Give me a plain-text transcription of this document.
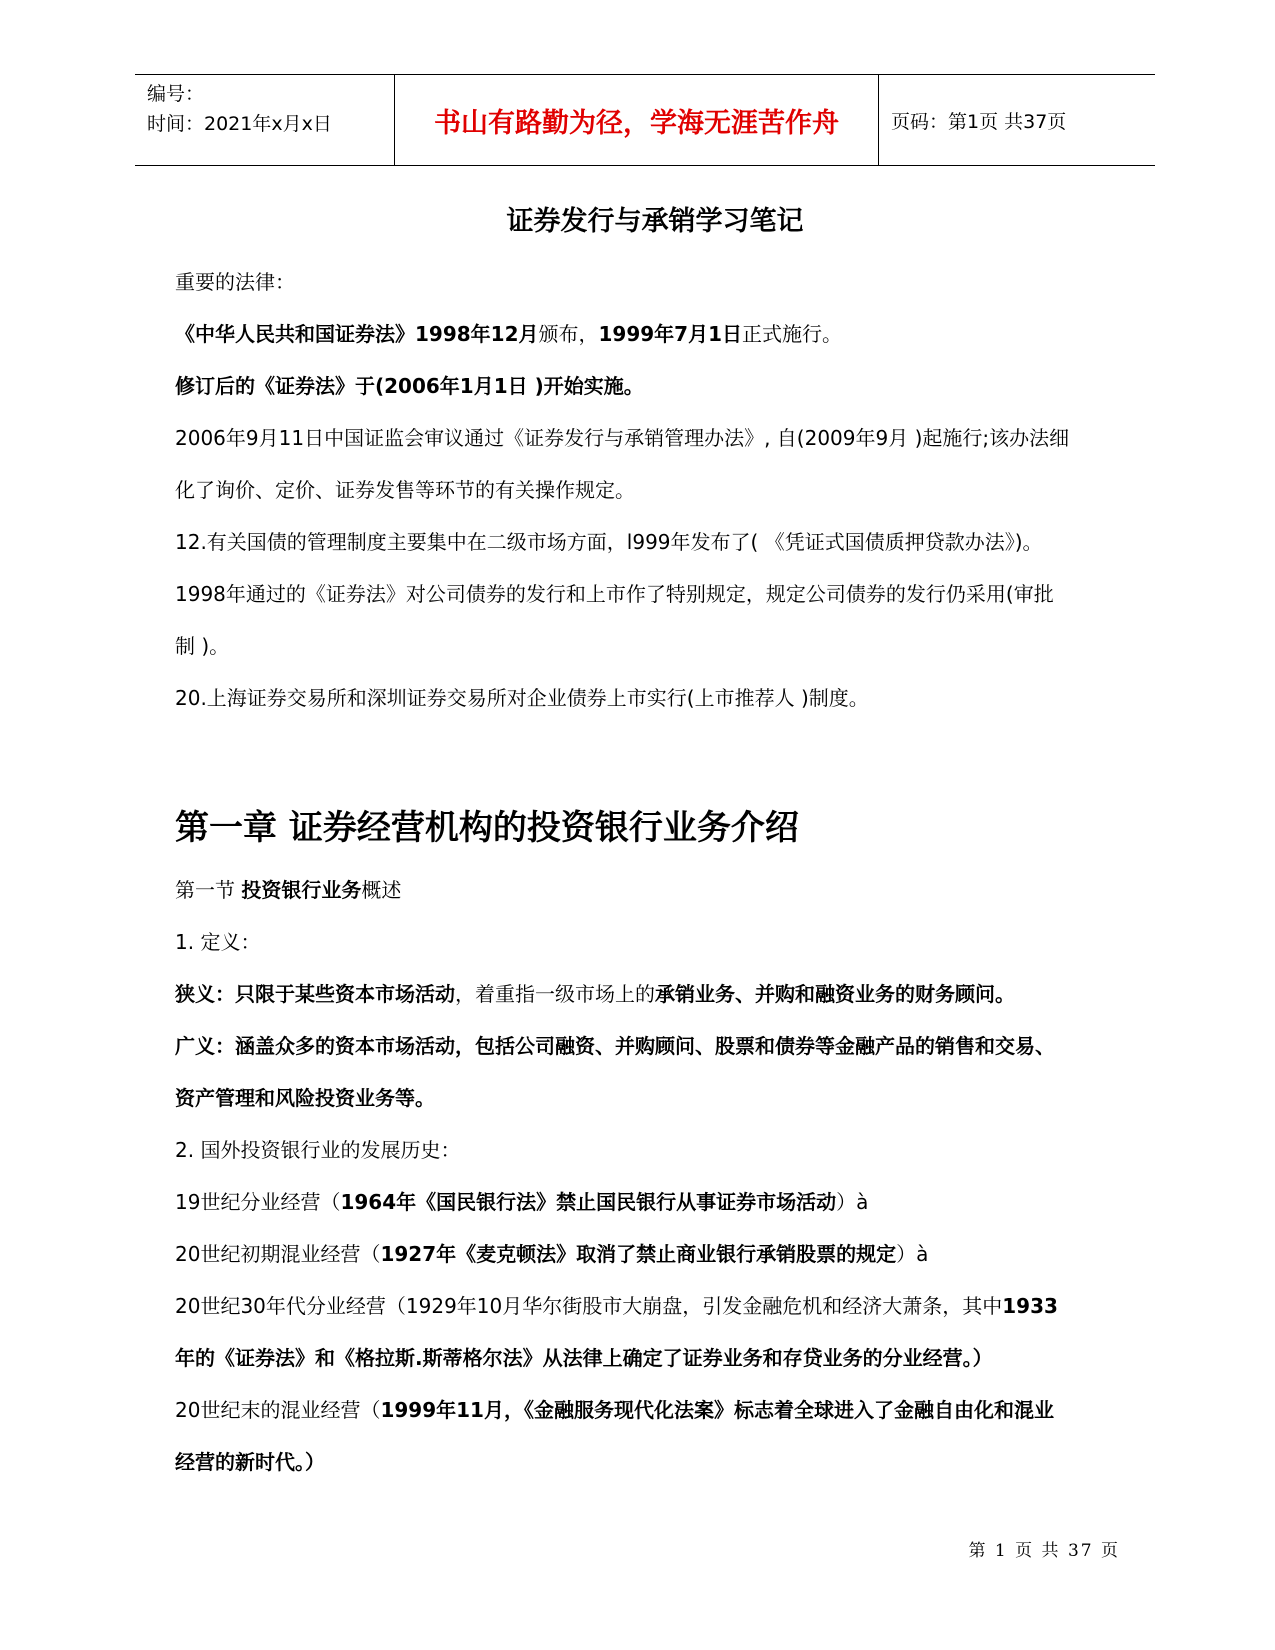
编号：
时间：2021年x月x日	书山有路勤为径，学海无涯苦作舟	页码：第1页 共37页
证券发行与承销学习笔记

重要的法律：

《中华人民共和国证券法》1998年12月颁布，1999年7月1日正式施行。

修订后的《证券法》于(2006年1月1日 )开始实施。

2006年9月11日中国证监会审议通过《证券发行与承销管理办法》, 自(2009年9月 )起施行;该办法细

化了询价、定价、证券发售等环节的有关操作规定。

12.有关国债的管理制度主要集中在二级市场方面，l999年发布了( 《凭证式国债质押贷款办法》)。

1998年通过的《证券法》对公司债券的发行和上市作了特别规定，规定公司债券的发行仍采用(审批

制 )。

20.上海证券交易所和深圳证券交易所对企业债券上市实行(上市推荐人 )制度。

第一章 证券经营机构的投资银行业务介绍

第一节 投资银行业务概述

1. 定义：

狭义：只限于某些资本市场活动，着重指一级市场上的承销业务、并购和融资业务的财务顾问。

广义：涵盖众多的资本市场活动，包括公司融资、并购顾问、股票和债券等金融产品的销售和交易、

资产管理和风险投资业务等。

2. 国外投资银行业的发展历史：

19世纪分业经营（1964年《国民银行法》禁止国民银行从事证券市场活动）à

20世纪初期混业经营（1927年《麦克顿法》取消了禁止商业银行承销股票的规定）à

20世纪30年代分业经营（1929年10月华尔街股市大崩盘，引发金融危机和经济大萧条，其中1933

年的《证券法》和《格拉斯.斯蒂格尔法》从法律上确定了证券业务和存贷业务的分业经营。）

20世纪末的混业经营（1999年11月，《金融服务现代化法案》标志着全球进入了金融自由化和混业

经营的新时代。）

第 1 页 共 37 页
